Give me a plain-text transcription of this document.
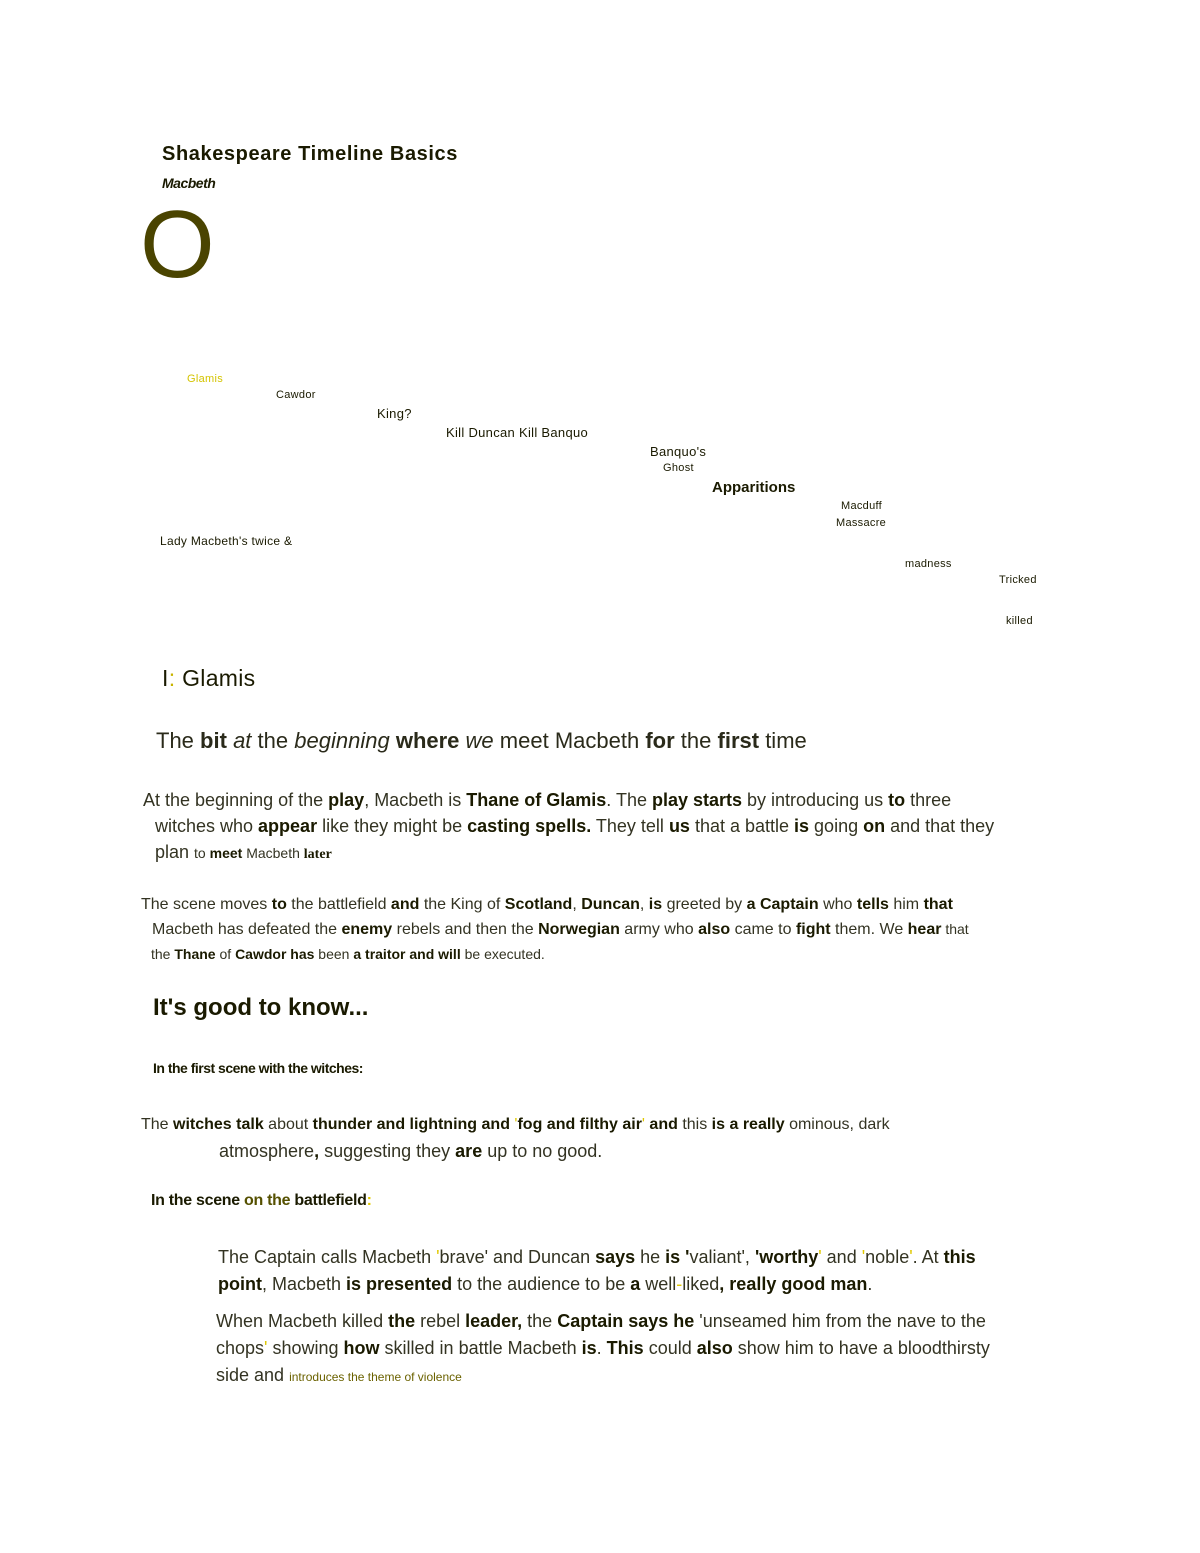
Shakespeare Timeline Basics
Macbeth
O
Glamis
Cawdor
King?
Kill Duncan Kill Banquo
Banquo's
Ghost
Apparitions
Macduff
Massacre
Lady Macbeth's twice &
madness
Tricked
killed
I: Glamis
The bit at the beginning where we meet Macbeth for the first time
At the beginning of the play, Macbeth is Thane of Glamis. The play starts by introducing us to three
witches who appear like they might be casting spells. They tell us that a battle is going on and that they
plan to meet Macbeth later
The scene moves to the battlefield and the King of Scotland, Duncan, is greeted by a Captain who tells him that
Macbeth has defeated the enemy rebels and then the Norwegian army who also came to fight them. We hear that
the Thane of Cawdor has been a traitor and will be executed.
It's good to know...
In the first scene with the witches:
The witches talk about thunder and lightning and 'fog and filthy air' and this is a really ominous, dark
atmosphere, suggesting they are up to no good.
In the scene on the battlefield:
The Captain calls Macbeth 'brave' and Duncan says he is 'valiant', 'worthy' and 'noble'. At this
point, Macbeth is presented to the audience to be a well-liked, really good man.
When Macbeth killed the rebel leader, the Captain says he 'unseamed him from the nave to the
chops' showing how skilled in battle Macbeth is. This could also show him to have a bloodthirsty
side and introduces the theme of violence
